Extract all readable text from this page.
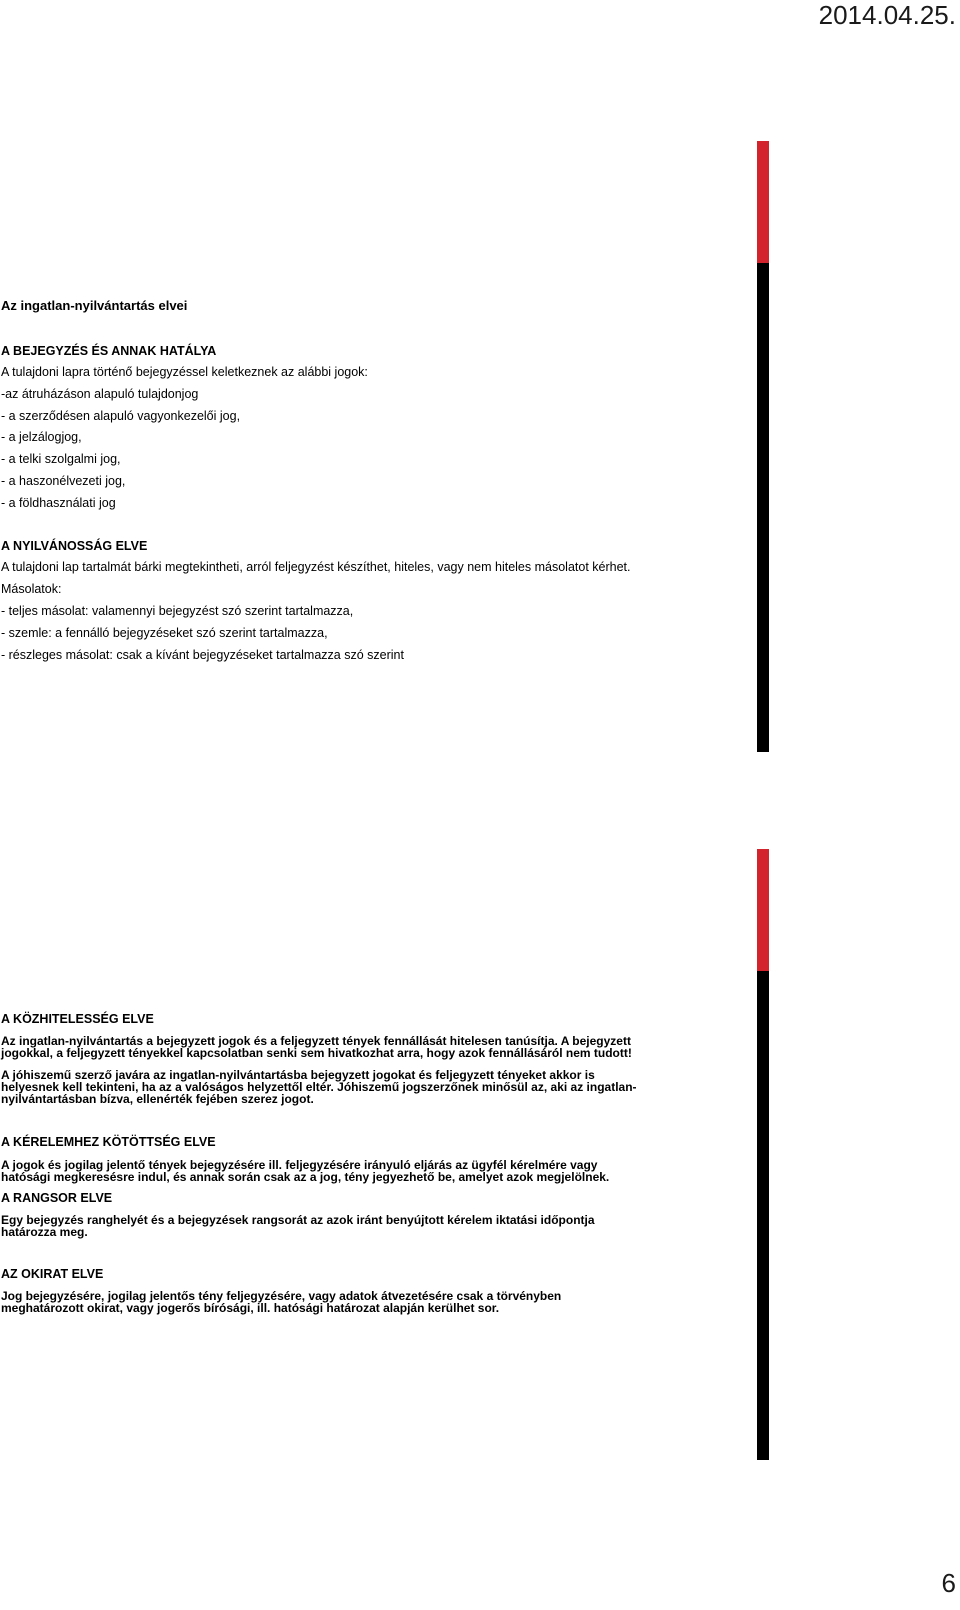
2014.04.25.
Az ingatlan-nyilvántartás elvei
A BEJEGYZÉS ÉS ANNAK HATÁLYA
A tulajdoni lapra történő bejegyzéssel keletkeznek az alábbi jogok:
-az átruházáson alapuló tulajdonjog
- a szerződésen alapuló vagyonkezelői jog,
- a jelzálogjog,
- a telki szolgalmi jog,
- a haszonélvezeti jog,
- a földhasználati jog
A NYILVÁNOSSÁG ELVE
A tulajdoni lap tartalmát bárki megtekintheti, arról feljegyzést készíthet, hiteles, vagy nem hiteles másolatot kérhet.
Másolatok:
- teljes másolat: valamennyi bejegyzést szó szerint tartalmazza,
- szemle: a fennálló bejegyzéseket szó szerint tartalmazza,
- részleges másolat: csak a kívánt bejegyzéseket tartalmazza szó szerint
A KÖZHITELESSÉG ELVE
Az ingatlan-nyilvántartás a bejegyzett jogok és a feljegyzett tények fennállását hitelesen tanúsítja. A bejegyzett
jogokkal, a feljegyzett tényekkel kapcsolatban senki sem hivatkozhat arra, hogy azok fennállásáról nem tudott!
A jóhiszemű szerző javára az ingatlan-nyilvántartásba bejegyzett jogokat és feljegyzett tényeket akkor is
helyesnek kell tekinteni, ha az a valóságos helyzettől eltér. Jóhiszemű jogszerzőnek minősül az, aki az ingatlan-
nyilvántartásban bízva, ellenérték fejében szerez jogot.
A KÉRELEMHEZ KÖTÖTTSÉG ELVE
A jogok és jogilag jelentő tények bejegyzésére ill. feljegyzésére irányuló eljárás az ügyfél kérelmére vagy
hatósági megkeresésre indul, és annak során csak az a jog, tény jegyezhető be, amelyet azok megjelölnek.
A RANGSOR ELVE
Egy bejegyzés ranghelyét és a bejegyzések rangsorát az azok iránt benyújtott kérelem iktatási időpontja
határozza meg.
AZ OKIRAT ELVE
Jog bejegyzésére, jogilag jelentős tény feljegyzésére, vagy adatok átvezetésére csak a törvényben
meghatározott okirat, vagy jogerős bírósági, ill. hatósági határozat alapján kerülhet sor.
6
